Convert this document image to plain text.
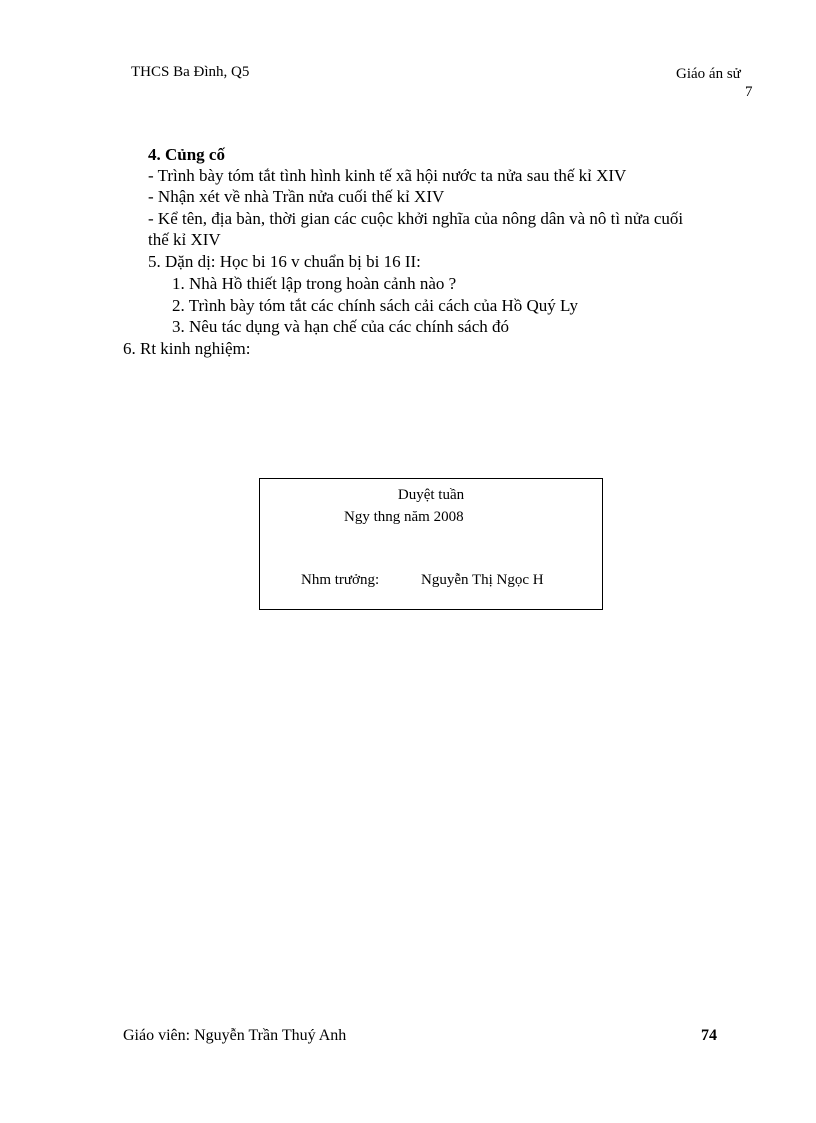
THCS Ba Đình, Q5	Giáo án sử
7
4. Củng cố
- Trình bày tóm tắt tình hình kinh tế xã hội nước ta nửa sau thế kỉ XIV
- Nhận xét về nhà Trần nửa cuối thế kỉ XIV
- Kể tên, địa bàn, thời gian các cuộc khởi nghĩa của nông dân và nô tì nửa cuối
thế kỉ XIV
5. Dặn dị: Học bi 16 v chuẩn bị bi 16 II:
1. Nhà Hồ thiết lập trong hoàn cảnh nào ?
2. Trình bày tóm tắt các chính sách cải cách của Hồ Quý Ly
3. Nêu tác dụng và hạn chế của các chính sách đó
6. Rt kinh nghiệm:
Duyệt tuần
Ngy thng năm 2008
Nhm trưởng:	Nguyễn Thị Ngọc H
Giáo viên: Nguyễn Trần Thuý Anh	74
